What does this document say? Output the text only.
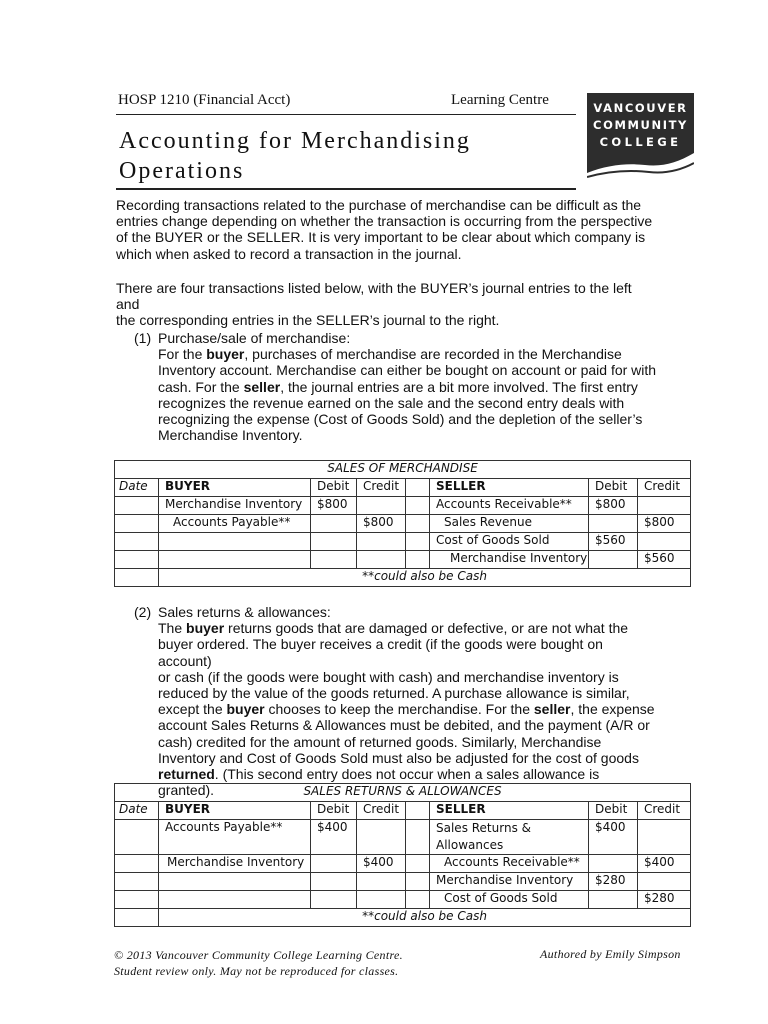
HOSP 1210 (Financial Acct)	Learning Centre
Accounting for Merchandising
Operations
VANCOUVER
COMMUNITY
COLLEGE
Recording transactions related to the purchase of merchandise can be difficult as the
entries change depending on whether the transaction is occurring from the perspective
of the BUYER or the SELLER. It is very important to be clear about which company is
which when asked to record a transaction in the journal.
There are four transactions listed below, with the BUYER’s journal entries to the left and
the corresponding entries in the SELLER’s journal to the right.
(1) Purchase/sale of merchandise:
For the buyer, purchases of merchandise are recorded in the Merchandise
Inventory account. Merchandise can either be bought on account or paid for with
cash. For the seller, the journal entries are a bit more involved. The first entry
recognizes the revenue earned on the sale and the second entry deals with
recognizing the expense (Cost of Goods Sold) and the depletion of the seller’s
Merchandise Inventory.
SALES OF MERCHANDISE							
Date	BUYER	Debit	Credit		SELLER	Debit	Credit
	Merchandise Inventory	$800			Accounts Receivable**	$800	
	Accounts Payable**		$800		Sales Revenue		$800
					Cost of Goods Sold	$560	
					Merchandise Inventory		$560
	**could also be Cash						
(2) Sales returns & allowances:
The buyer returns goods that are damaged or defective, or are not what the
buyer ordered. The buyer receives a credit (if the goods were bought on account)
or cash (if the goods were bought with cash) and merchandise inventory is
reduced by the value of the goods returned. A purchase allowance is similar,
except the buyer chooses to keep the merchandise. For the seller, the expense
account Sales Returns & Allowances must be debited, and the payment (A/R or
cash) credited for the amount of returned goods. Similarly, Merchandise
Inventory and Cost of Goods Sold must also be adjusted for the cost of goods
returned. (This second entry does not occur when a sales allowance is granted).	SALES RETURNS & ALLOWANCES							
Date	BUYER	Debit	Credit		SELLER	Debit	Credit
	Accounts Payable**	$400			Sales Returns &
Allowances	$400	
	Merchandise Inventory		$400		Accounts Receivable**		$400
					Merchandise Inventory	$280	
					Cost of Goods Sold		$280
	**could also be Cash						
© 2013 Vancouver Community College Learning Centre.
Student review only. May not be reproduced for classes.
Authored by Emily Simpson
